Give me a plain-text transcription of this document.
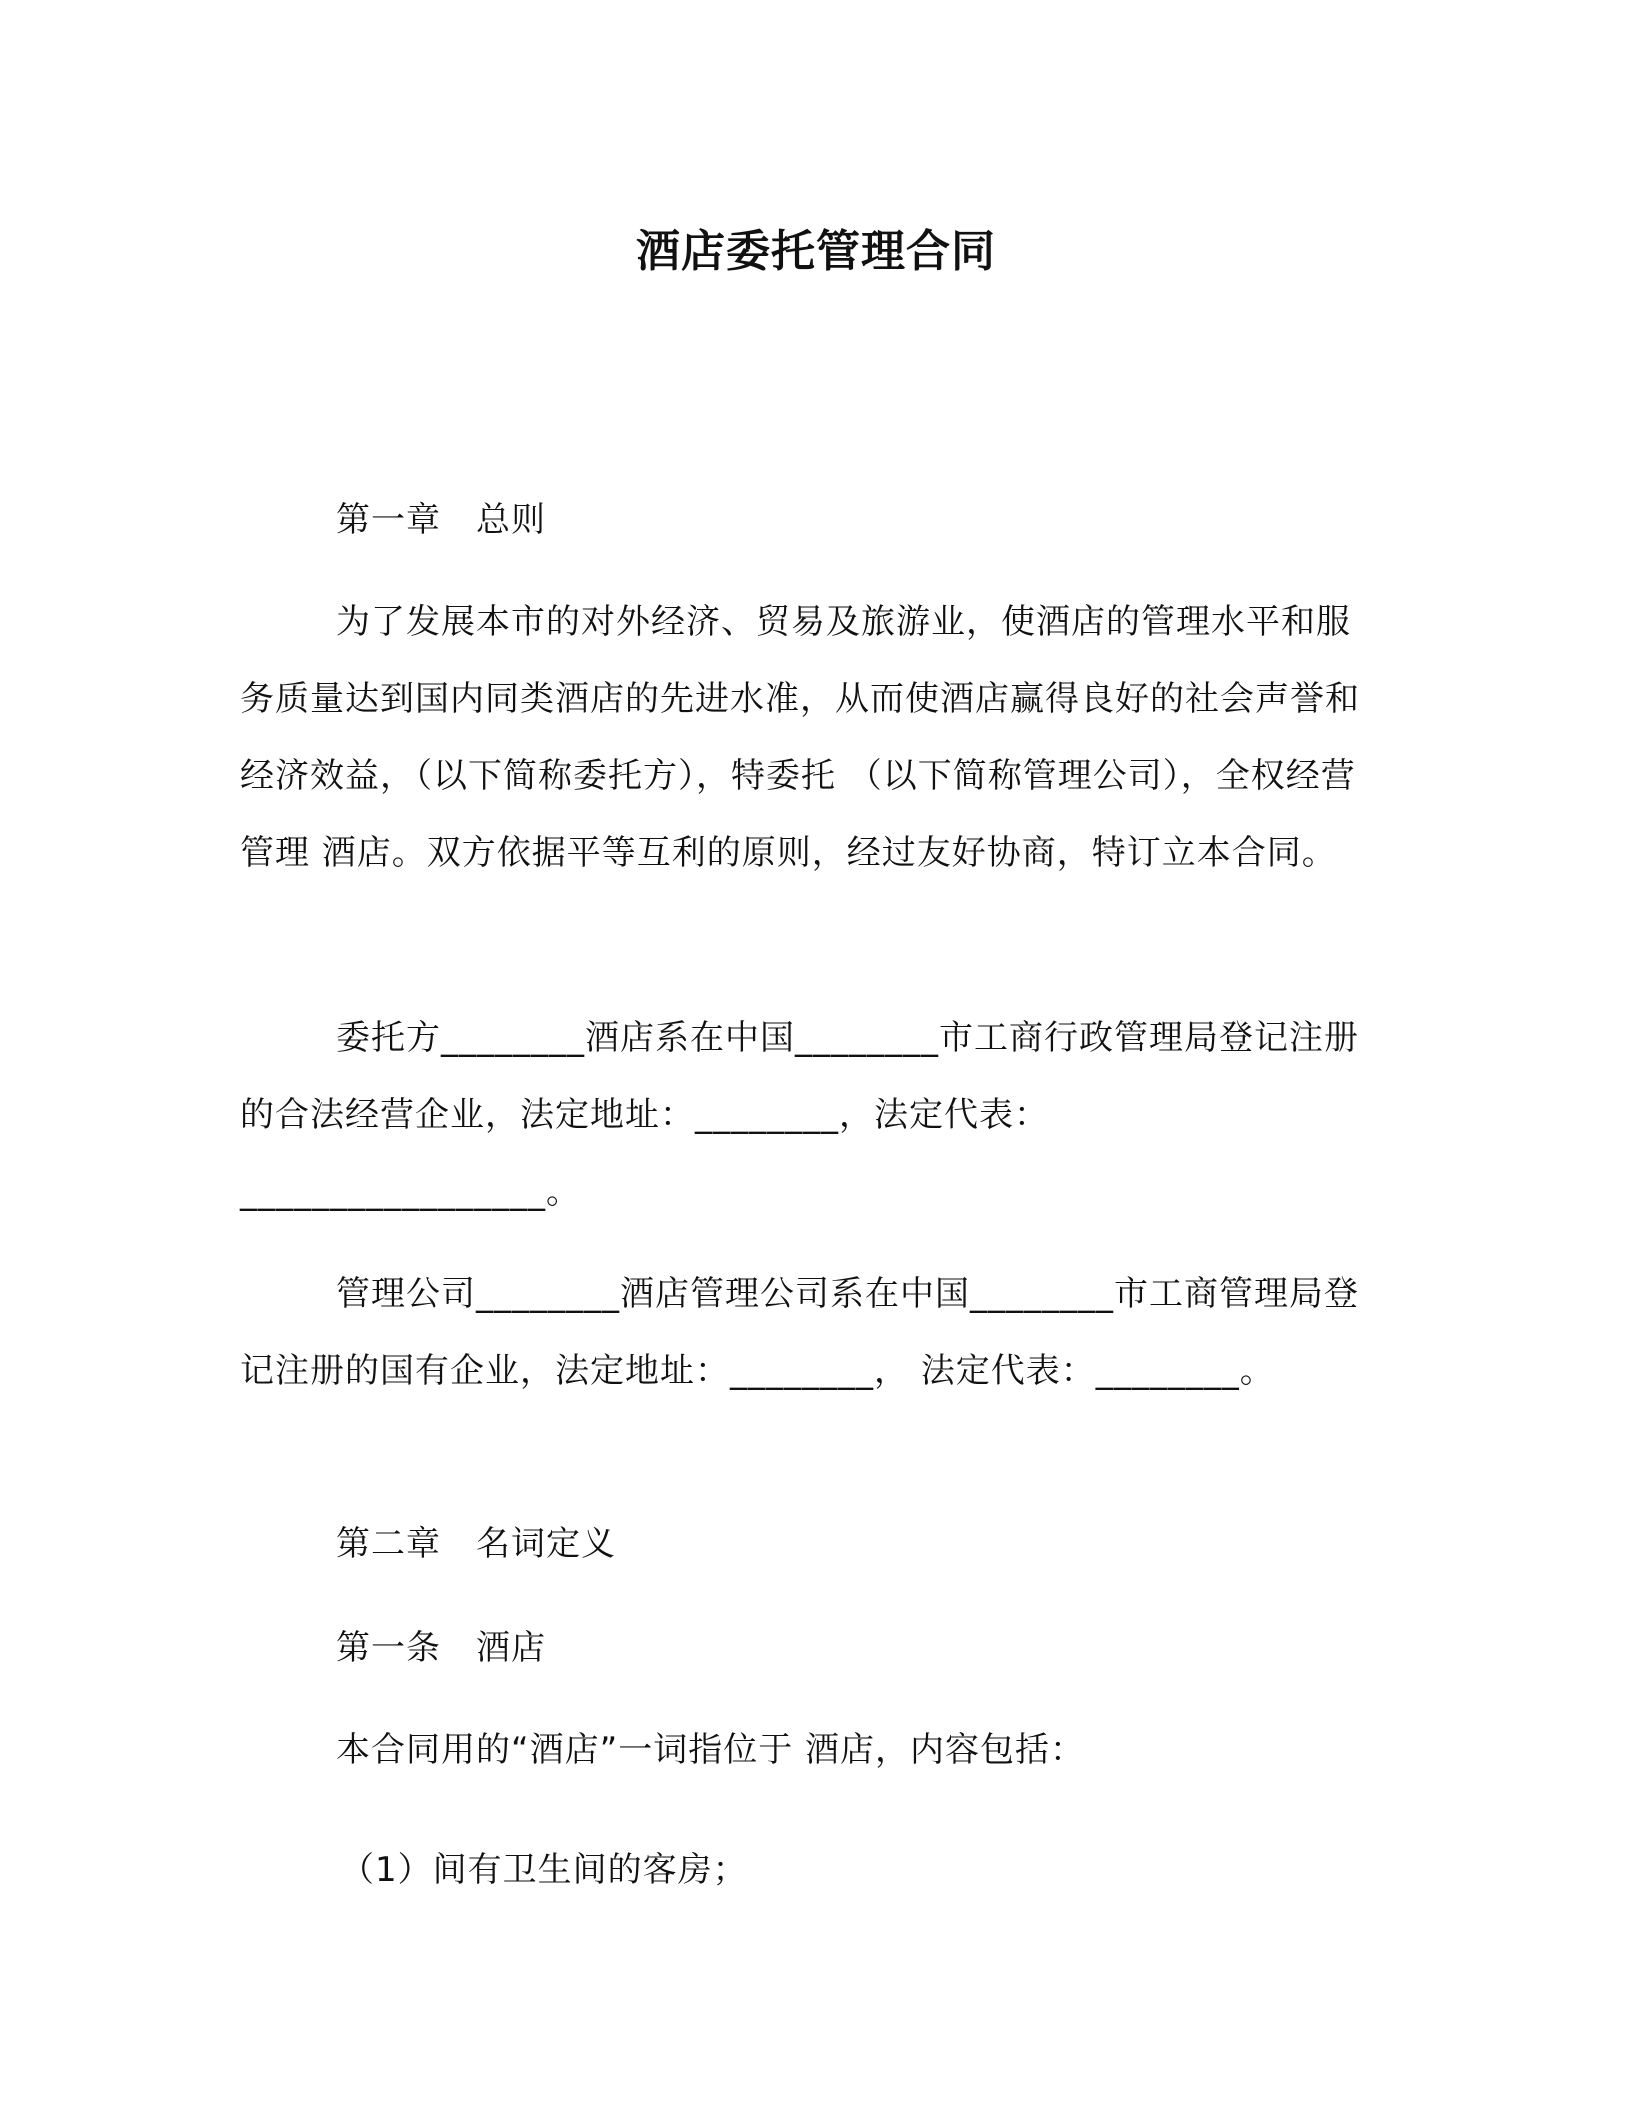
酒店委托管理合同
第一章　总则

为了发展本市的对外经济、贸易及旅游业，使酒店的管理水平和服务质量达到国内同类酒店的先进水准，从而使酒店赢得良好的社会声誉和经济效益，（以下简称委托方），特委托 （以下简称管理公司），全权经营管理 酒店。双方依据平等互利的原则，经过友好协商，特订立本合同。

委托方________酒店系在中国________市工商行政管理局登记注册的合法经营企业，法定地址：________，法定代表：_________________。

管理公司________酒店管理公司系在中国________市工商管理局登记注册的国有企业，法定地址：________， 法定代表：________。

第二章　名词定义
第一条　酒店
本合同用的“酒店”一词指位于 酒店，内容包括：
（1）间有卫生间的客房；
